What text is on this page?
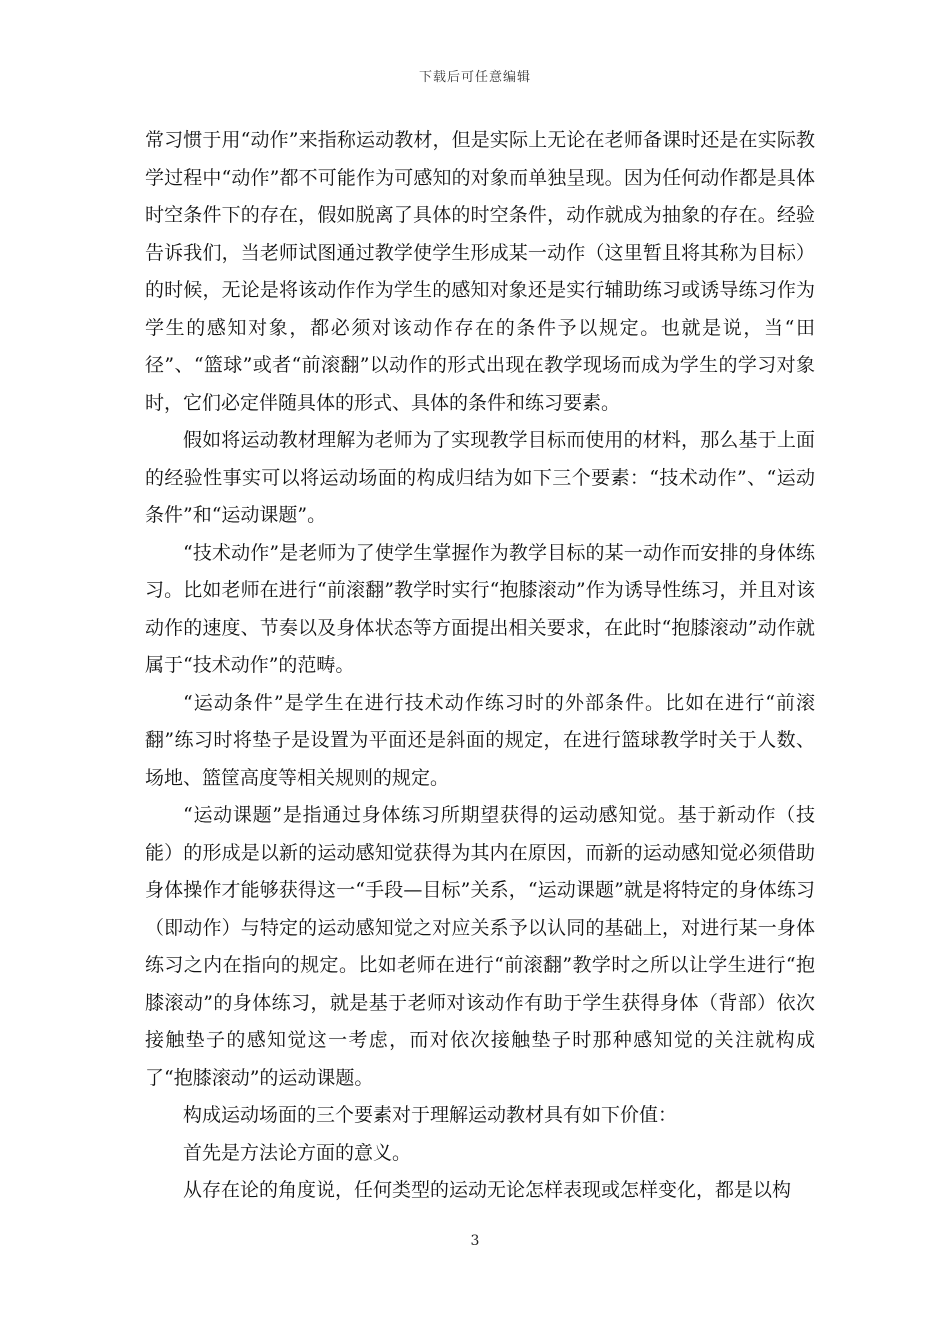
下载后可任意编辑

常习惯于用“动作”来指称运动教材，但是实际上无论在老师备课时还是在实际教学过程中“动作”都不可能作为可感知的对象而单独呈现。因为任何动作都是具体时空条件下的存在，假如脱离了具体的时空条件，动作就成为抽象的存在。经验告诉我们，当老师试图通过教学使学生形成某一动作（这里暂且将其称为目标）的时候，无论是将该动作作为学生的感知对象还是实行辅助练习或诱导练习作为学生的感知对象，都必须对该动作存在的条件予以规定。也就是说，当“田径”、“篮球”或者“前滚翻”以动作的形式出现在教学现场而成为学生的学习对象时，它们必定伴随具体的形式、具体的条件和练习要素。

假如将运动教材理解为老师为了实现教学目标而使用的材料，那么基于上面的经验性事实可以将运动场面的构成归结为如下三个要素：“技术动作”、“运动条件”和“运动课题”。

“技术动作”是老师为了使学生掌握作为教学目标的某一动作而安排的身体练习。比如老师在进行“前滚翻”教学时实行“抱膝滚动”作为诱导性练习，并且对该动作的速度、节奏以及身体状态等方面提出相关要求，在此时“抱膝滚动”动作就属于“技术动作”的范畴。

“运动条件”是学生在进行技术动作练习时的外部条件。比如在进行“前滚翻”练习时将垫子是设置为平面还是斜面的规定，在进行篮球教学时关于人数、场地、篮筐高度等相关规则的规定。

“运动课题”是指通过身体练习所期望获得的运动感知觉。基于新动作（技能）的形成是以新的运动感知觉获得为其内在原因，而新的运动感知觉必须借助身体操作才能够获得这一“手段—目标”关系，“运动课题”就是将特定的身体练习（即动作）与特定的运动感知觉之对应关系予以认同的基础上，对进行某一身体练习之内在指向的规定。比如老师在进行“前滚翻”教学时之所以让学生进行“抱膝滚动”的身体练习，就是基于老师对该动作有助于学生获得身体（背部）依次接触垫子的感知觉这一考虑，而对依次接触垫子时那种感知觉的关注就构成了“抱膝滚动”的运动课题。

构成运动场面的三个要素对于理解运动教材具有如下价值：

首先是方法论方面的意义。

从存在论的角度说，任何类型的运动无论怎样表现或怎样变化，都是以构

3
